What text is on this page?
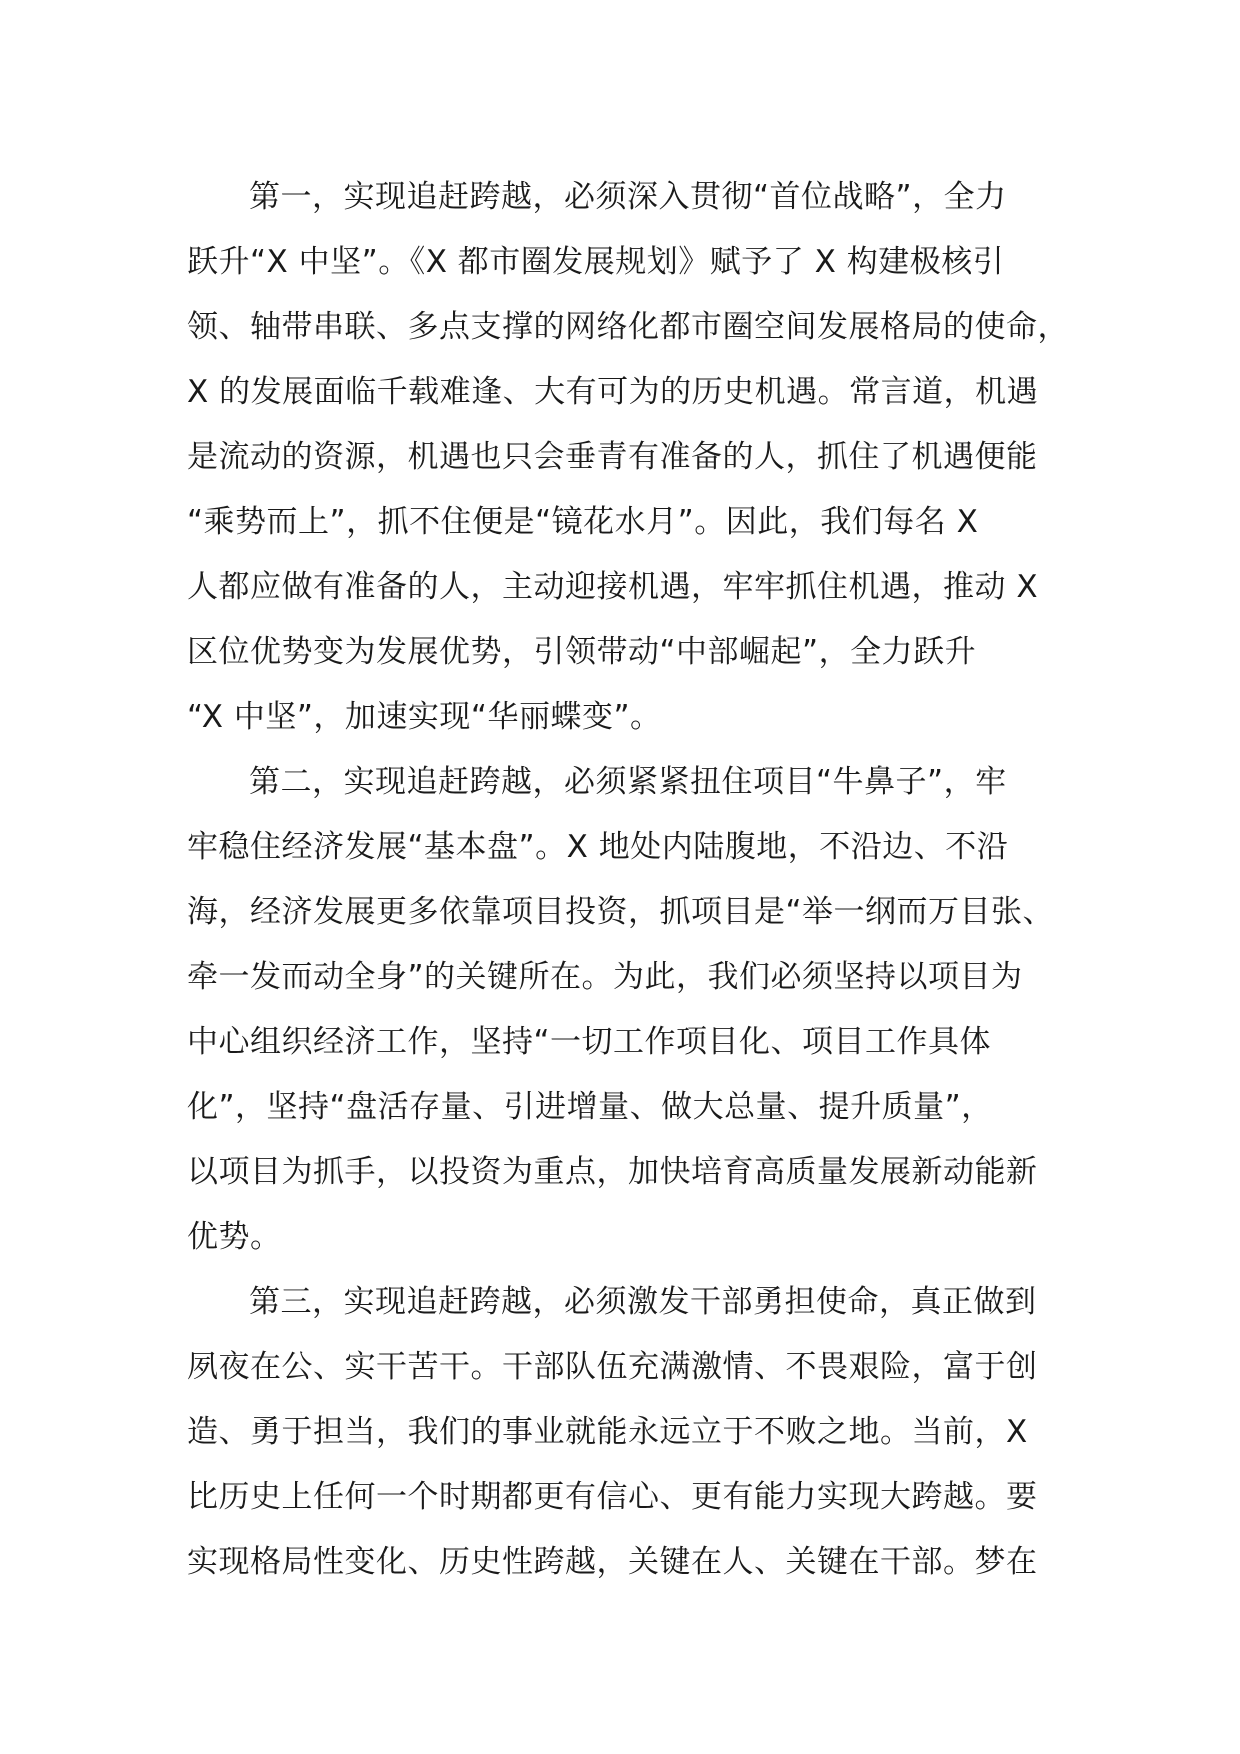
第一，实现追赶跨越，必须深入贯彻“首位战略”，全力
跃升“X 中坚”。《X 都市圈发展规划》赋予了 X 构建极核引
领、轴带串联、多点支撑的网络化都市圈空间发展格局的使命，
X 的发展面临千载难逢、大有可为的历史机遇。常言道，机遇
是流动的资源，机遇也只会垂青有准备的人，抓住了机遇便能
“乘势而上”，抓不住便是“镜花水月”。因此，我们每名 X
人都应做有准备的人，主动迎接机遇，牢牢抓住机遇，推动 X
区位优势变为发展优势，引领带动“中部崛起”，全力跃升
“X 中坚”，加速实现“华丽蝶变”。
第二，实现追赶跨越，必须紧紧扭住项目“牛鼻子”，牢
牢稳住经济发展“基本盘”。X 地处内陆腹地，不沿边、不沿
海，经济发展更多依靠项目投资，抓项目是“举一纲而万目张、
牵一发而动全身”的关键所在。为此，我们必须坚持以项目为
中心组织经济工作，坚持“一切工作项目化、项目工作具体
化”，坚持“盘活存量、引进增量、做大总量、提升质量”，
以项目为抓手，以投资为重点，加快培育高质量发展新动能新
优势。
第三，实现追赶跨越，必须激发干部勇担使命，真正做到
夙夜在公、实干苦干。干部队伍充满激情、不畏艰险，富于创
造、勇于担当，我们的事业就能永远立于不败之地。当前，X
比历史上任何一个时期都更有信心、更有能力实现大跨越。要
实现格局性变化、历史性跨越，关键在人、关键在干部。梦在
